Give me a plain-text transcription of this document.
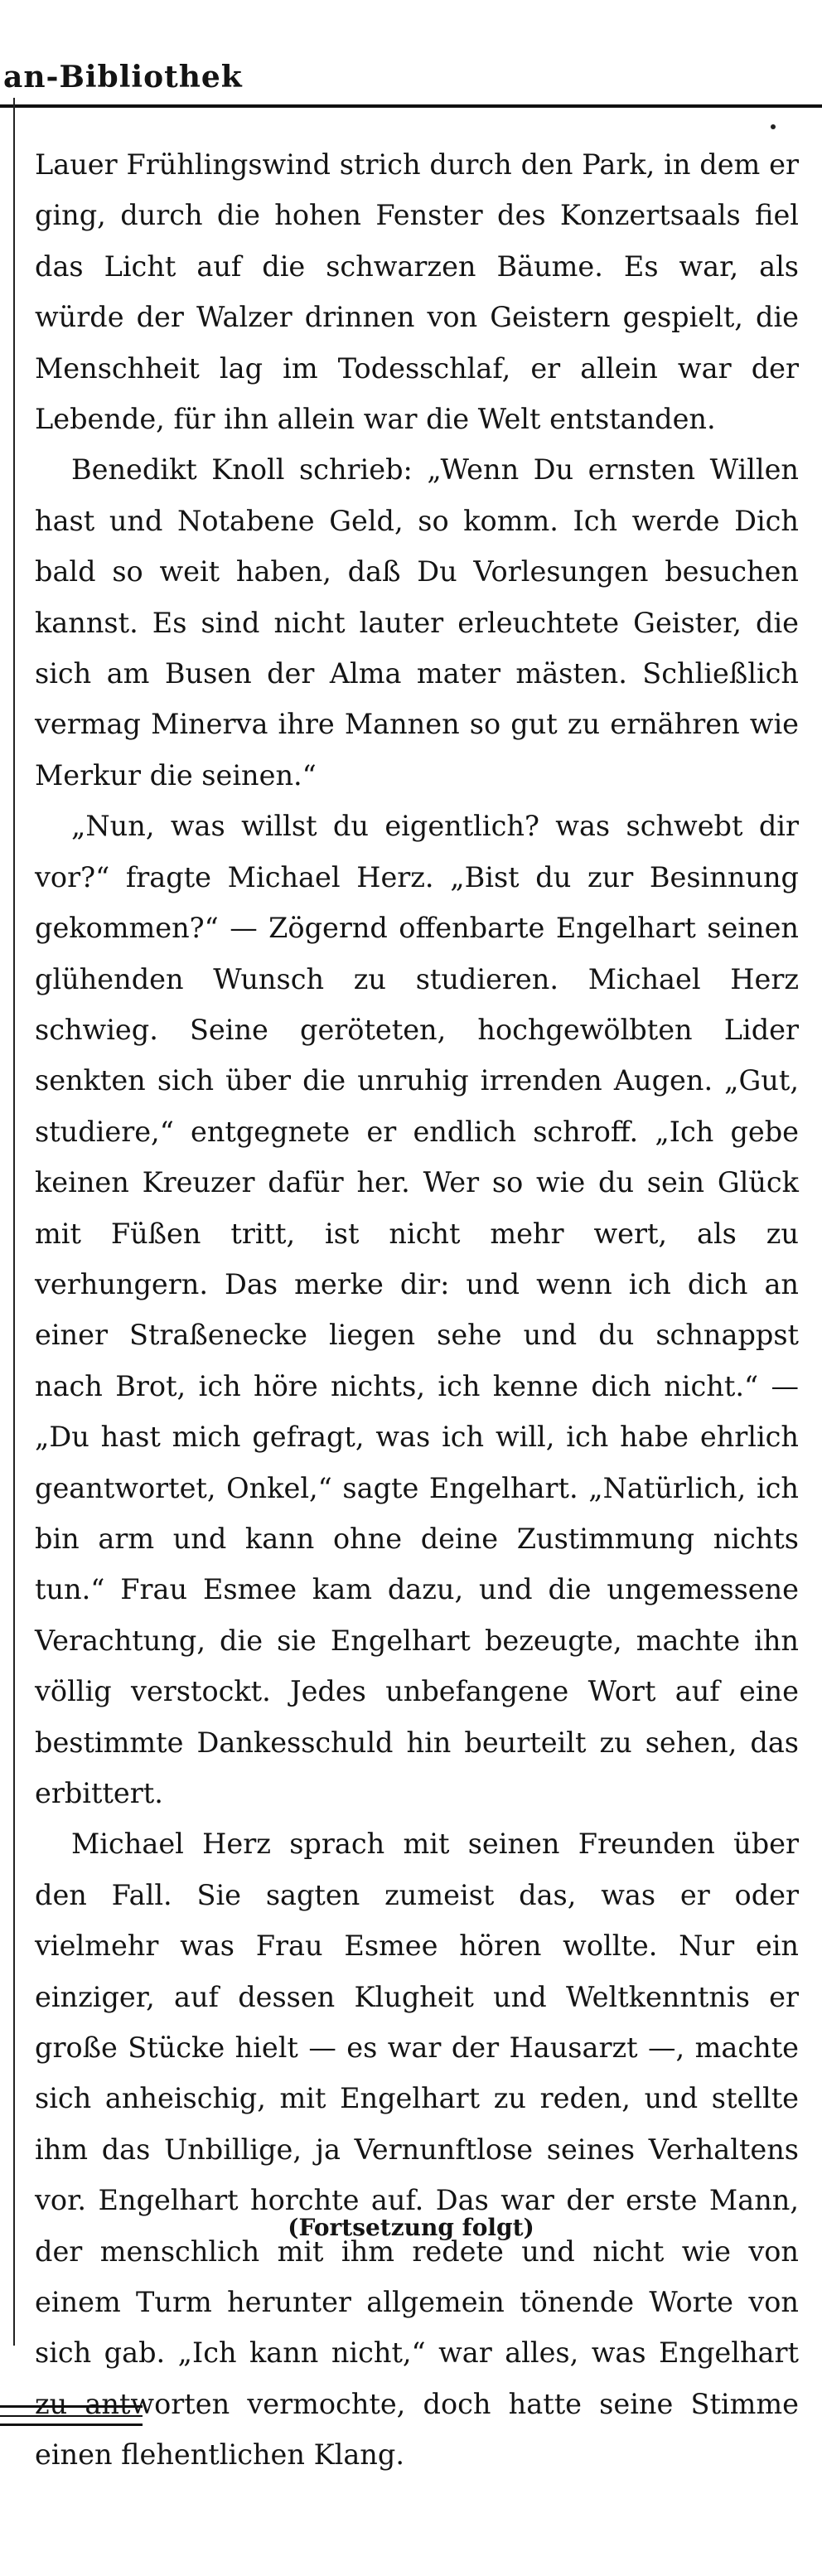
an-Bibliothek

Lauer Frühlingswind strich durch den Park, in dem er ging, durch die hohen Fenster des Konzertsaals fiel das Licht auf die schwarzen Bäume. Es war, als würde der Walzer drinnen von Geistern gespielt, die Menschheit lag im Todesschlaf, er allein war der Lebende, für ihn allein war die Welt entstanden.

Benedikt Knoll schrieb: „Wenn Du ernsten Willen hast und Notabene Geld, so komm. Ich werde Dich bald so weit haben, daß Du Vorlesungen besuchen kannst. Es sind nicht lauter erleuchtete Geister, die sich am Busen der Alma mater mästen. Schließlich vermag Minerva ihre Mannen so gut zu ernähren wie Merkur die seinen.“

„Nun, was willst du eigentlich? was schwebt dir vor?“ fragte Michael Herz. „Bist du zur Besinnung gekommen?“ — Zögernd offenbarte Engelhart seinen glühenden Wunsch zu studieren. Michael Herz schwieg. Seine geröteten, hochgewölbten Lider senkten sich über die unruhig irrenden Augen. „Gut, studiere,“ entgegnete er endlich schroff. „Ich gebe keinen Kreuzer dafür her. Wer so wie du sein Glück mit Füßen tritt, ist nicht mehr wert, als zu verhungern. Das merke dir: und wenn ich dich an einer Straßenecke liegen sehe und du schnappst nach Brot, ich höre nichts, ich kenne dich nicht.“ — „Du hast mich gefragt, was ich will, ich habe ehrlich geantwortet, Onkel,“ sagte Engelhart. „Natürlich, ich bin arm und kann ohne deine Zustimmung nichts tun.“ Frau Esmee kam dazu, und die ungemessene Verachtung, die sie Engelhart bezeugte, machte ihn völlig verstockt. Jedes unbefangene Wort auf eine bestimmte Dankesschuld hin beurteilt zu sehen, das erbittert.

Michael Herz sprach mit seinen Freunden über den Fall. Sie sagten zumeist das, was er oder vielmehr was Frau Esmee hören wollte. Nur ein einziger, auf dessen Klugheit und Weltkenntnis er große Stücke hielt — es war der Hausarzt —, machte sich anheischig, mit Engelhart zu reden, und stellte ihm das Unbillige, ja Vernunftlose seines Verhaltens vor. Engelhart horchte auf. Das war der erste Mann, der menschlich mit ihm redete und nicht wie von einem Turm herunter allgemein tönende Worte von sich gab. „Ich kann nicht,“ war alles, was Engelhart zu antworten vermochte, doch hatte seine Stimme einen flehentlichen Klang.

(Fortsetzung folgt)
